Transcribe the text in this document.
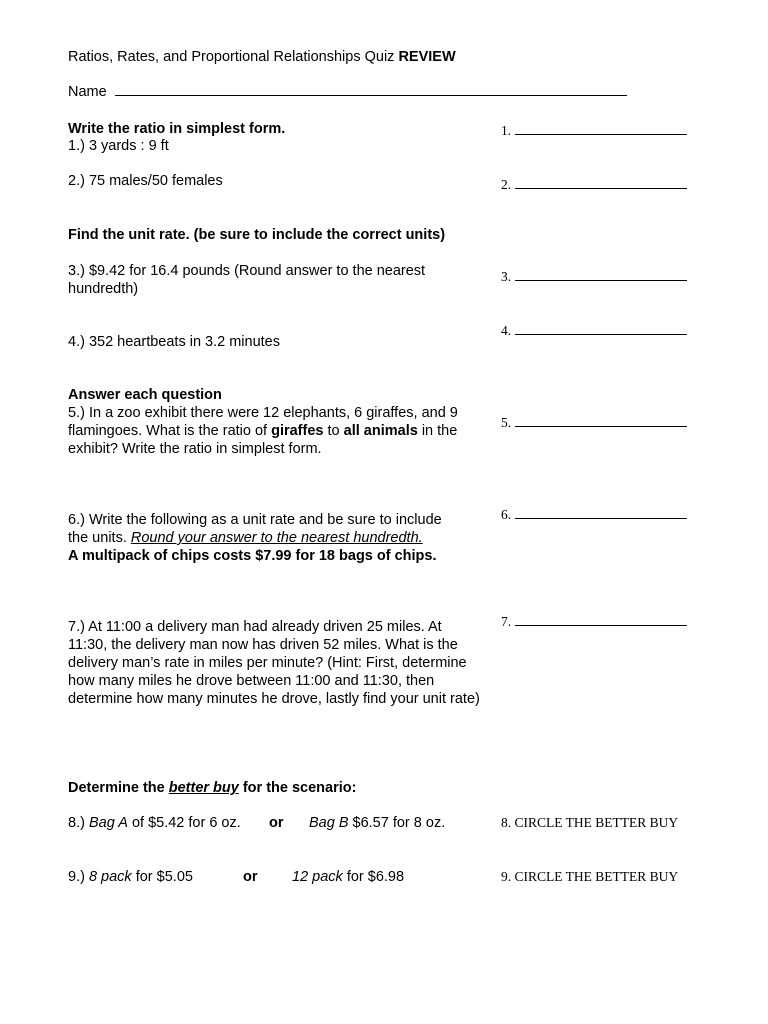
Ratios, Rates, and Proportional Relationships Quiz REVIEW
Name
Write the ratio in simplest form.
1.) 3 yards : 9 ft
2.) 75 males/50 females
Find the unit rate. (be sure to include the correct units)
3.) $9.42 for 16.4 pounds (Round answer to the nearest hundredth)
4.) 352 heartbeats in 3.2 minutes
Answer each question
5.) In a zoo exhibit there were 12 elephants, 6 giraffes, and 9 flamingoes. What is the ratio of giraffes to all animals in the exhibit? Write the ratio in simplest form.
6.) Write the following as a unit rate and be sure to include the units. Round your answer to the nearest hundredth.
A multipack of chips costs $7.99 for 18 bags of chips.
7.) At 11:00 a delivery man had already driven 25 miles. At 11:30, the delivery man now has driven 52 miles. What is the delivery man’s rate in miles per minute? (Hint: First, determine how many miles he drove between 11:00 and 11:30, then determine how many minutes he drove, lastly find your unit rate)
Determine the better buy for the scenario:
8.) Bag A of $5.42 for 6 oz. or Bag B $6.57 for 8 oz.
9.) 8 pack for $5.05	or 12 pack for $6.98
1.
2.
3.
4.
5.
6.
7.
8. CIRCLE THE BETTER BUY
9. CIRCLE THE BETTER BUY
